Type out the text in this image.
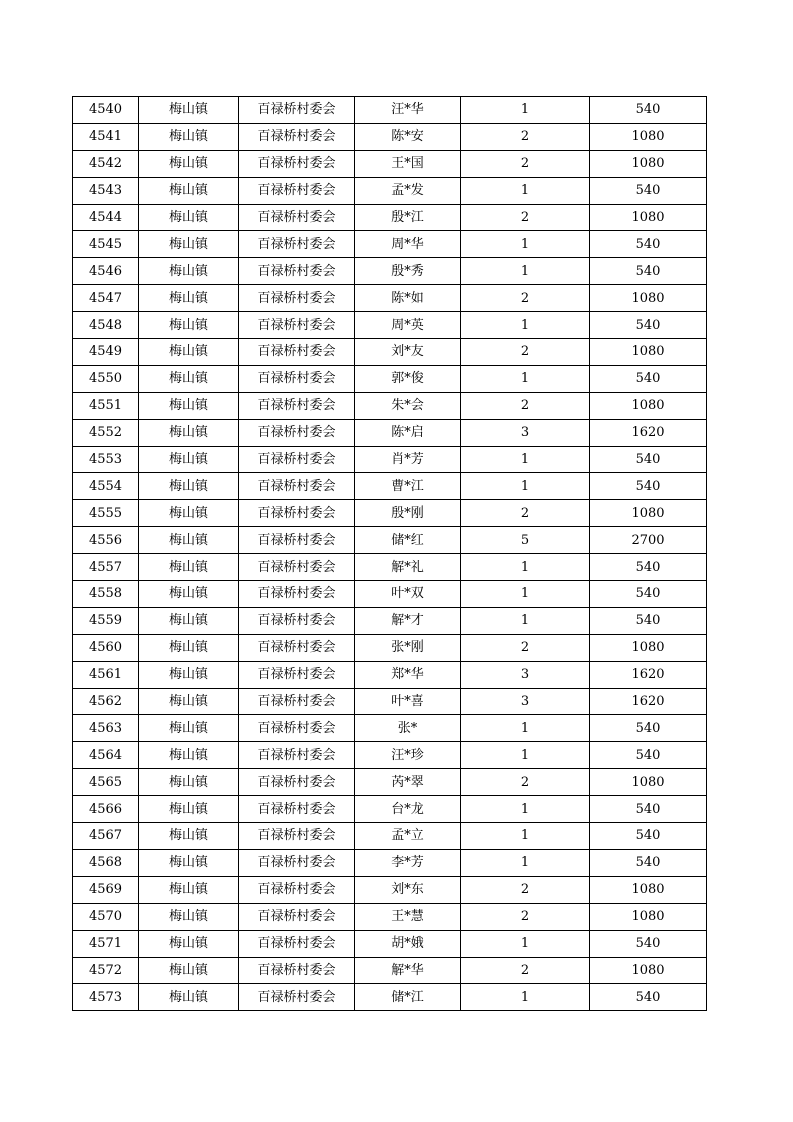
4540	梅山镇	百禄桥村委会	汪*华	1	540
4541	梅山镇	百禄桥村委会	陈*安	2	1080
4542	梅山镇	百禄桥村委会	王*国	2	1080
4543	梅山镇	百禄桥村委会	孟*发	1	540
4544	梅山镇	百禄桥村委会	殷*江	2	1080
4545	梅山镇	百禄桥村委会	周*华	1	540
4546	梅山镇	百禄桥村委会	殷*秀	1	540
4547	梅山镇	百禄桥村委会	陈*如	2	1080
4548	梅山镇	百禄桥村委会	周*英	1	540
4549	梅山镇	百禄桥村委会	刘*友	2	1080
4550	梅山镇	百禄桥村委会	郭*俊	1	540
4551	梅山镇	百禄桥村委会	朱*会	2	1080
4552	梅山镇	百禄桥村委会	陈*启	3	1620
4553	梅山镇	百禄桥村委会	肖*芳	1	540
4554	梅山镇	百禄桥村委会	曹*江	1	540
4555	梅山镇	百禄桥村委会	殷*刚	2	1080
4556	梅山镇	百禄桥村委会	储*红	5	2700
4557	梅山镇	百禄桥村委会	解*礼	1	540
4558	梅山镇	百禄桥村委会	叶*双	1	540
4559	梅山镇	百禄桥村委会	解*才	1	540
4560	梅山镇	百禄桥村委会	张*刚	2	1080
4561	梅山镇	百禄桥村委会	郑*华	3	1620
4562	梅山镇	百禄桥村委会	叶*喜	3	1620
4563	梅山镇	百禄桥村委会	张*	1	540
4564	梅山镇	百禄桥村委会	汪*珍	1	540
4565	梅山镇	百禄桥村委会	芮*翠	2	1080
4566	梅山镇	百禄桥村委会	台*龙	1	540
4567	梅山镇	百禄桥村委会	孟*立	1	540
4568	梅山镇	百禄桥村委会	李*芳	1	540
4569	梅山镇	百禄桥村委会	刘*东	2	1080
4570	梅山镇	百禄桥村委会	王*慧	2	1080
4571	梅山镇	百禄桥村委会	胡*娥	1	540
4572	梅山镇	百禄桥村委会	解*华	2	1080
4573	梅山镇	百禄桥村委会	储*江	1	540
